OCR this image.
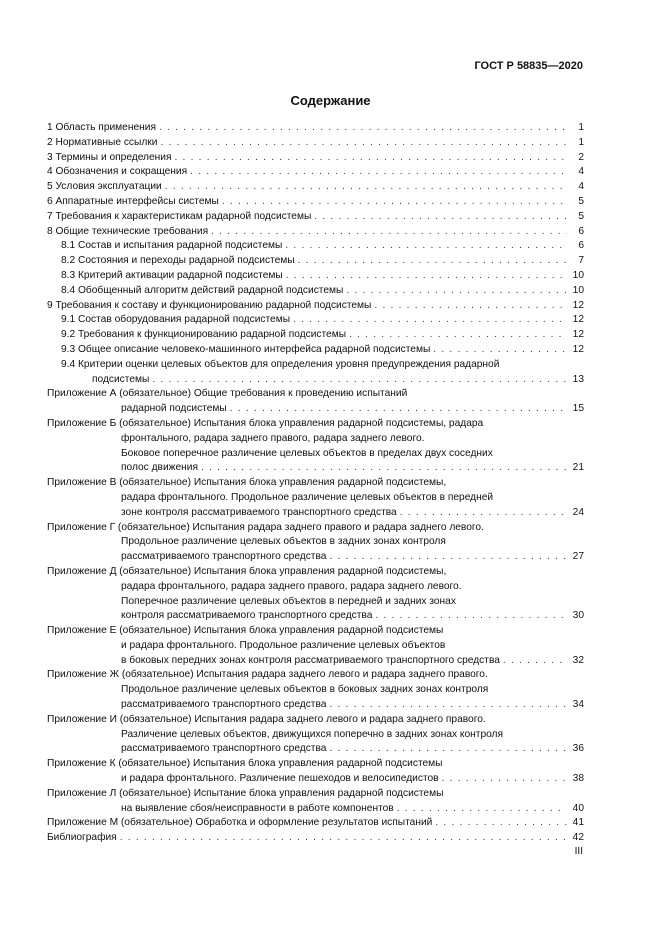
ГОСТ Р 58835—2020
Содержание
1 Область применения . . .	1
2 Нормативные ссылки . . .	1
3 Термины и определения . . .	2
4 Обозначения и сокращения . . .	4
5 Условия эксплуатации . . .	4
6 Аппаратные интерфейсы системы . . .	5
7 Требования к характеристикам радарной подсистемы . . .	5
8 Общие технические требования . . .	6
8.1 Состав и испытания радарной подсистемы . . .	6
8.2 Состояния и переходы радарной подсистемы . . .	7
8.3 Критерий активации радарной подсистемы . . .	10
8.4 Обобщенный алгоритм действий радарной подсистемы . . .	10
9 Требования к составу и функционированию радарной подсистемы . . .	12
9.1 Состав оборудования радарной подсистемы . . .	12
9.2 Требования к функционированию радарной подсистемы . . .	12
9.3 Общее описание человеко-машинного интерфейса радарной подсистемы . . .	12
9.4 Критерии оценки целевых объектов для определения уровня предупреждения радарной
подсистемы . . .	13
Приложение А (обязательное) Общие требования к проведению испытаний
радарной подсистемы . . .	15
Приложение Б (обязательное) Испытания блока управления радарной подсистемы, радара
фронтального, радара заднего правого, радара заднего левого.
Боковое поперечное различение целевых объектов в пределах двух соседних
полос движения . . .	21
Приложение В (обязательное) Испытания блока управления радарной подсистемы,
радара фронтального. Продольное различение целевых объектов в передней
зоне контроля рассматриваемого транспортного средства . . .	24
Приложение Г (обязательное) Испытания радара заднего правого и радара заднего левого.
Продольное различение целевых объектов в задних зонах контроля
рассматриваемого транспортного средства . . .	27
Приложение Д (обязательное) Испытания блока управления радарной подсистемы,
радара фронтального, радара заднего правого, радара заднего левого.
Поперечное различение целевых объектов в передней и задних зонах
контроля рассматриваемого транспортного средства . . .	30
Приложение Е (обязательное) Испытания блока управления радарной подсистемы
и радара фронтального. Продольное различение целевых объектов
в боковых передних зонах контроля рассматриваемого транспортного средства . . .	32
Приложение Ж (обязательное) Испытания радара заднего левого и радара заднего правого.
Продольное различение целевых объектов в боковых задних зонах контроля
рассматриваемого транспортного средства . . .	34
Приложение И (обязательное) Испытания радара заднего левого и радара заднего правого.
Различение целевых объектов, движущихся поперечно в задних зонах контроля
рассматриваемого транспортного средства . . .	36
Приложение К (обязательное) Испытания блока управления радарной подсистемы
и радара фронтального. Различение пешеходов и велосипедистов . . .	38
Приложение Л (обязательное) Испытание блока управления радарной подсистемы
на выявление сбоя/неисправности в работе компонентов . . .	40
Приложение М (обязательное) Обработка и оформление результатов испытаний . . .	41
Библиография . . .	42
III
